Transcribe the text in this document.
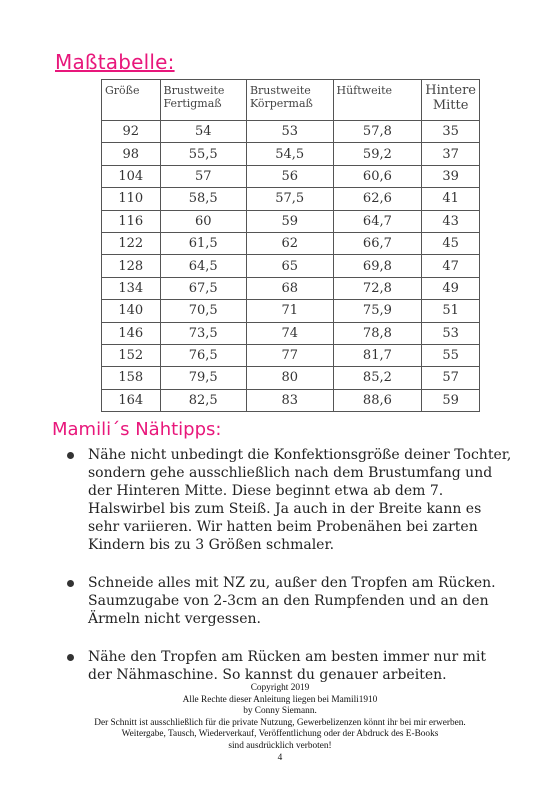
Maßtabelle:
Größe	Brustweite Fertigmaß	Brustweite Körpermaß	Hüftweite	Hintere Mitte
92	54	53	57,8	35
98	55,5	54,5	59,2	37
104	57	56	60,6	39
110	58,5	57,5	62,6	41
116	60	59	64,7	43
122	61,5	62	66,7	45
128	64,5	65	69,8	47
134	67,5	68	72,8	49
140	70,5	71	75,9	51
146	73,5	74	78,8	53
152	76,5	77	81,7	55
158	79,5	80	85,2	57
164	82,5	83	88,6	59
Mamili´s Nähtipps:
Nähe nicht unbedingt die Konfektionsgröße deiner Tochter, sondern gehe ausschließlich nach dem Brustumfang und der Hinteren Mitte. Diese beginnt etwa ab dem 7. Halswirbel bis zum Steiß. Ja auch in der Breite kann es sehr variieren. Wir hatten beim Probenähen bei zarten Kindern bis zu 3 Größen schmaler.
Schneide alles mit NZ zu, außer den Tropfen am Rücken. Saumzugabe von 2-3cm an den Rumpfenden und an den Ärmeln nicht vergessen.
Nähe den Tropfen am Rücken am besten immer nur mit der Nähmaschine. So kannst du genauer arbeiten.
Copyright 2019
Alle Rechte dieser Anleitung liegen bei Mamili1910
by Conny Siemann.
Der Schnitt ist ausschließlich für die private Nutzung, Gewerbelizenzen könnt ihr bei mir erwerben.
Weitergabe, Tausch, Wiederverkauf, Veröffentlichung oder der Abdruck des E-Books
sind ausdrücklich verboten!
4
